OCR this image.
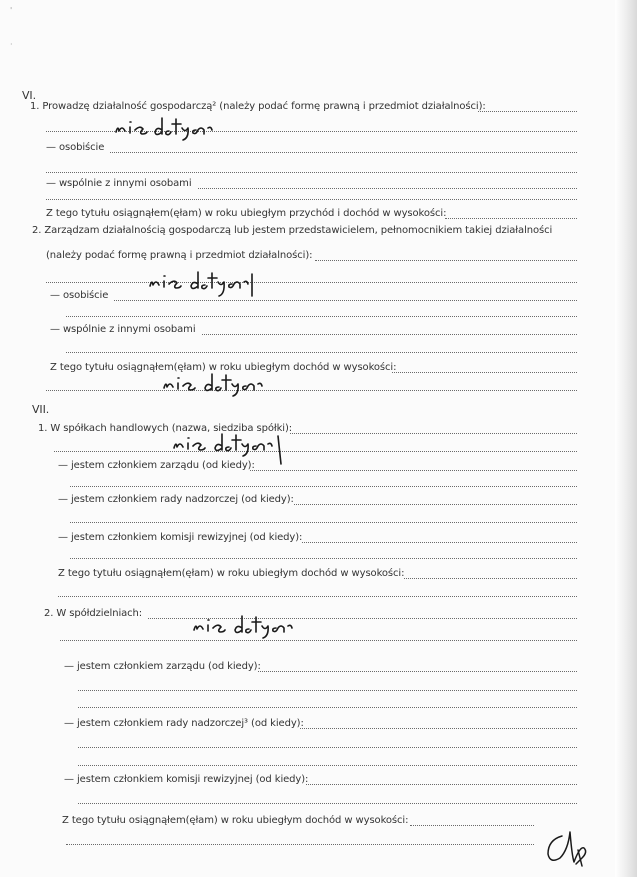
ꞌ
·
VI.
1. Prowadzę działalność gospodarczą² (należy podać formę prawną i przedmiot działalności):
— osobiście
— wspólnie z innymi osobami
Z tego tytułu osiągnąłem(ęłam) w roku ubiegłym przychód i dochód w wysokości:
2. Zarządzam działalnością gospodarczą lub jestem przedstawicielem, pełnomocnikiem takiej działalności
(należy podać formę prawną i przedmiot działalności):
— osobiście
— wspólnie z innymi osobami
Z tego tytułu osiągnąłem(ęłam) w roku ubiegłym dochód w wysokości:
VII.
1. W spółkach handlowych (nazwa, siedziba spółki):
— jestem członkiem zarządu (od kiedy):
— jestem członkiem rady nadzorczej (od kiedy):
— jestem członkiem komisji rewizyjnej (od kiedy):
Z tego tytułu osiągnąłem(ęłam) w roku ubiegłym dochód w wysokości:
2. W spółdzielniach:
— jestem członkiem zarządu (od kiedy):
— jestem członkiem rady nadzorczej³ (od kiedy):
— jestem członkiem komisji rewizyjnej (od kiedy):
Z tego tytułu osiągnąłem(ęłam) w roku ubiegłym dochód w wysokości:
